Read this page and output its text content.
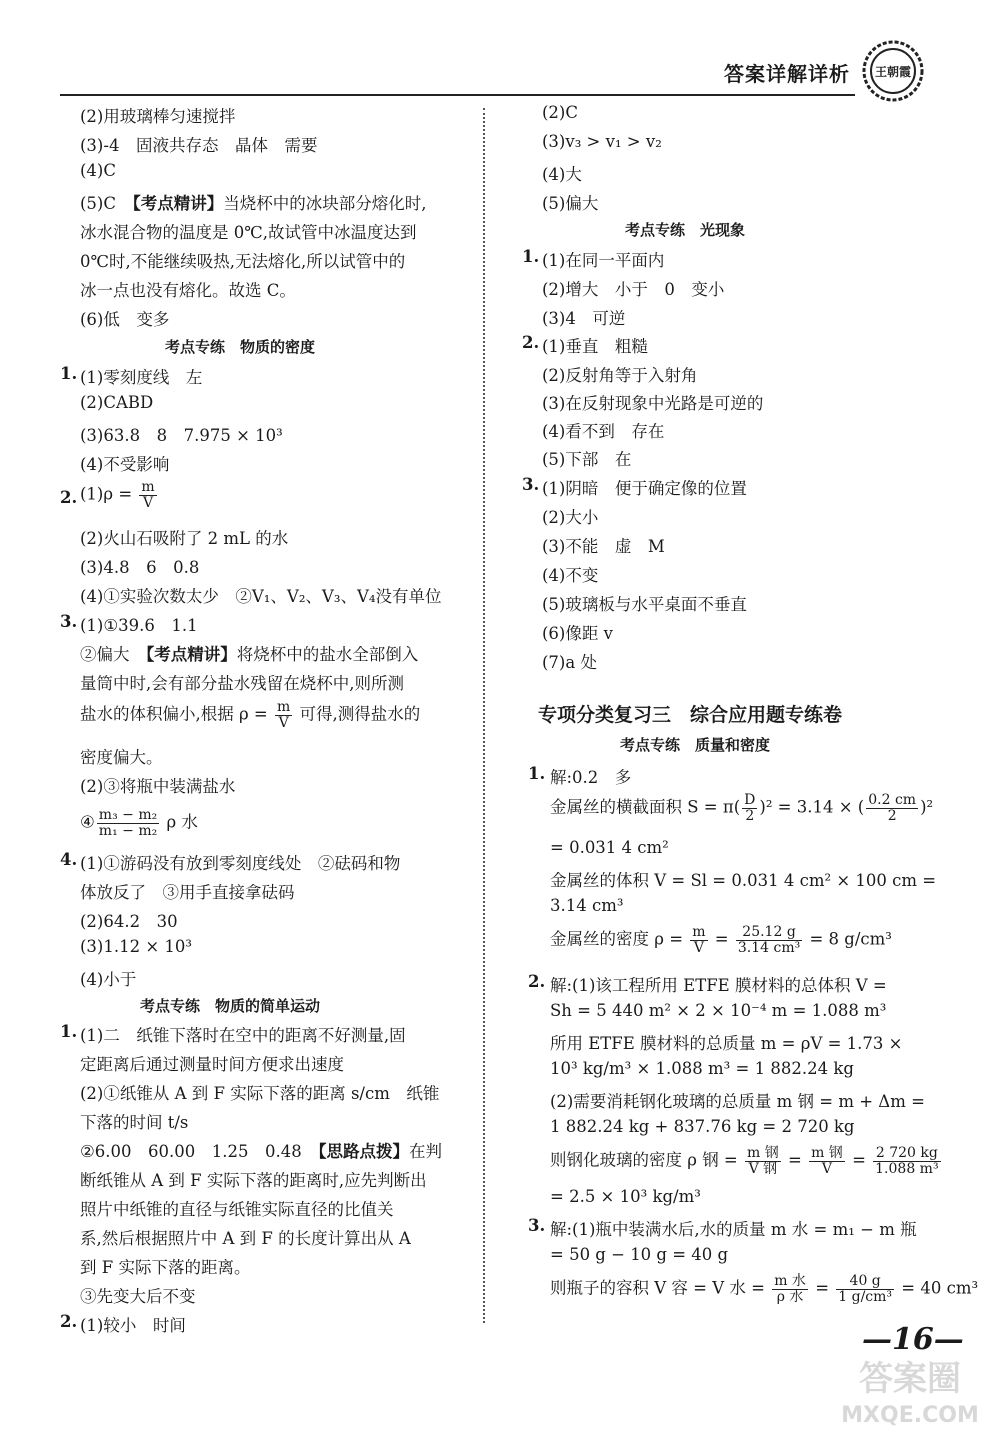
答案详解详析 王朝霞
(2)用玻璃棒匀速搅拌
(3)-4　固液共存态　晶体　需要
(4)C
(5)C　 【考点精讲】当烧杯中的冰块部分熔化时,
冰水混合物的温度是 0℃,故试管中冰温度达到
0℃时,不能继续吸热,无法熔化,所以试管中的
冰一点也没有熔化。故选 C。
(6)低　变多
考点专练　物质的密度
1. (1)零刻度线　左
(2)CABD
(3)63.8　8　7.975 × 10³
(4)不受影响
2. $(1)\rho = \frac{m}{V}$
(2)火山石吸附了 2 mL 的水
(3)4.8　6　0.8
(4)①实验次数太少　②V₁、V₂、V₃、V₄没有单位
3. (1)①39.6　1.1
②偏大　 【考点精讲】将烧杯中的盐水全部倒入
量筒中时,会有部分盐水残留在烧杯中,则所测
盐水的体积偏小,根据 $\rho = \frac{m}{V}$ 可得,测得盐水的
密度偏大。
(2)③将瓶中装满盐水
④ $\frac{\text{m₃ − m₂}}{\text{m₁ − m₂}}$ ρ 水
4. (1)①游码没有放到零刻度线处　②砝码和物
体放反了　③用手直接拿砝码
(2)64.2　30
(3)1.12 × 10³
(4)小于
考点专练　物质的简单运动
1. (1)二　纸锥下落时在空中的距离不好测量,固
定距离后通过测量时间方便求出速度
(2)①纸锥从 A 到 F 实际下落的距离 s/cm　纸锥
下落的时间 t/s
②6.00　60.00　1.25　0.48　 【思路点拨】在判
断纸锥从 A 到 F 实际下落的距离时,应先判断出
照片中纸锥的直径与纸锥实际直径的比值关
系,然后根据照片中 A 到 F 的长度计算出从 A
到 F 实际下落的距离。
③先变大后不变
2. (1)较小　时间
(2)C
(3)v₃ > v₁ > v₂
(4)大
(5)偏大
考点专练　光现象
1. (1)在同一平面内
(2)增大　小于　0　变小
(3)4　可逆
2. (1)垂直　粗糙
(2)反射角等于入射角
(3)在反射现象中光路是可逆的
(4)看不到　存在
(5)下部　在
3. (1)阴暗　便于确定像的位置
(2)大小
(3)不能　虚　M
(4)不变
(5)玻璃板与水平桌面不垂直
(6)像距 v
(7)a 处
专项分类复习三　综合应用题专练卷
考点专练　质量和密度
1. 解:0.2　多
金属丝的横截面积 $S = \pi( \frac{D}{2} )^2 = 3.14$ × ( $\frac{0.2 cm}{2} )^2$
= 0.031 4 cm²
金属丝的体积 V = Sl = 0.031 4 cm² × 100 cm =
3.14 cm³
金属丝的密度 $\rho = \frac{m}{V} = \frac{25.12 g}{\text{3.14 cm³}} = 8$ g/cm³
2. 解:(1)该工程所用 ETFE 膜材料的总体积 V =
Sh = 5 440 m² × 2 × 10⁻⁴ m = 1.088 m³
所用 ETFE 膜材料的总质量 m = ρV = 1.73 ×
10³ kg/m³ × 1.088 m³ = 1 882.24 kg
(2)需要消耗钢化玻璃的总质量 m 钢 = m + Δm =
1 882.24 kg + 837.76 kg = 2 720 kg
则钢化玻璃的密度 ρ 钢 = $\frac{\text{m 钢}}{\text{V 钢}} = \frac{\text{m 钢}}{V} = \frac{2 720 kg}{\text{1.088 m³}}$
= 2.5 × 10³ kg/m³
3. 解:(1)瓶中装满水后,水的质量 m 水 = m₁ − m 瓶
= 50 g − 10 g = 40 g
则瓶子的容积 V 容 = V 水 = $\frac{\text{m 水}}{\text{ρ 水}} = \frac{40 g}{\text{1 g/cm³}} = 40$ cm³
—16—
答案圈
MXQE.COM
